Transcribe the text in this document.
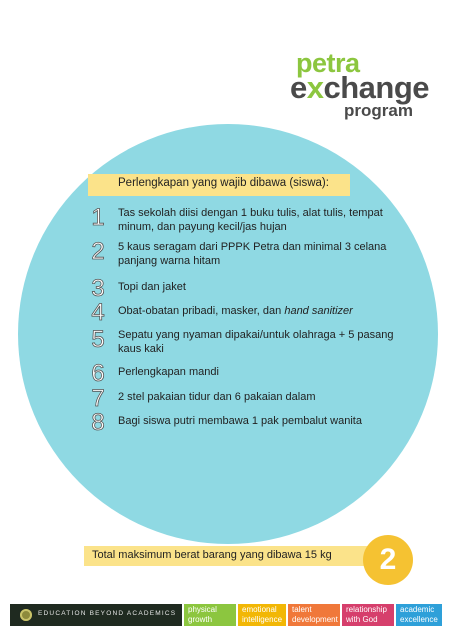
petra
exchange
program
Perlengkapan yang wajib dibawa (siswa):
1	Tas sekolah diisi dengan 1 buku tulis, alat tulis, tempat minum, dan payung kecil/jas hujan
2	5 kaus seragam dari PPPK Petra dan minimal 3 celana panjang warna hitam
3	Topi dan jaket
4	Obat-obatan pribadi, masker, dan hand sanitizer
5	Sepatu yang nyaman dipakai/untuk olahraga + 5 pasang kaus kaki
6	Perlengkapan mandi
7	2 stel pakaian tidur dan 6 pakaian dalam
8	Bagi siswa putri membawa 1 pak pembalut wanita
Total maksimum berat barang yang dibawa 15 kg	2
EDUCATION BEYOND ACADEMICS physical
growth
emotional
intelligence
talent
development
relationship
with God
academic
excellence
